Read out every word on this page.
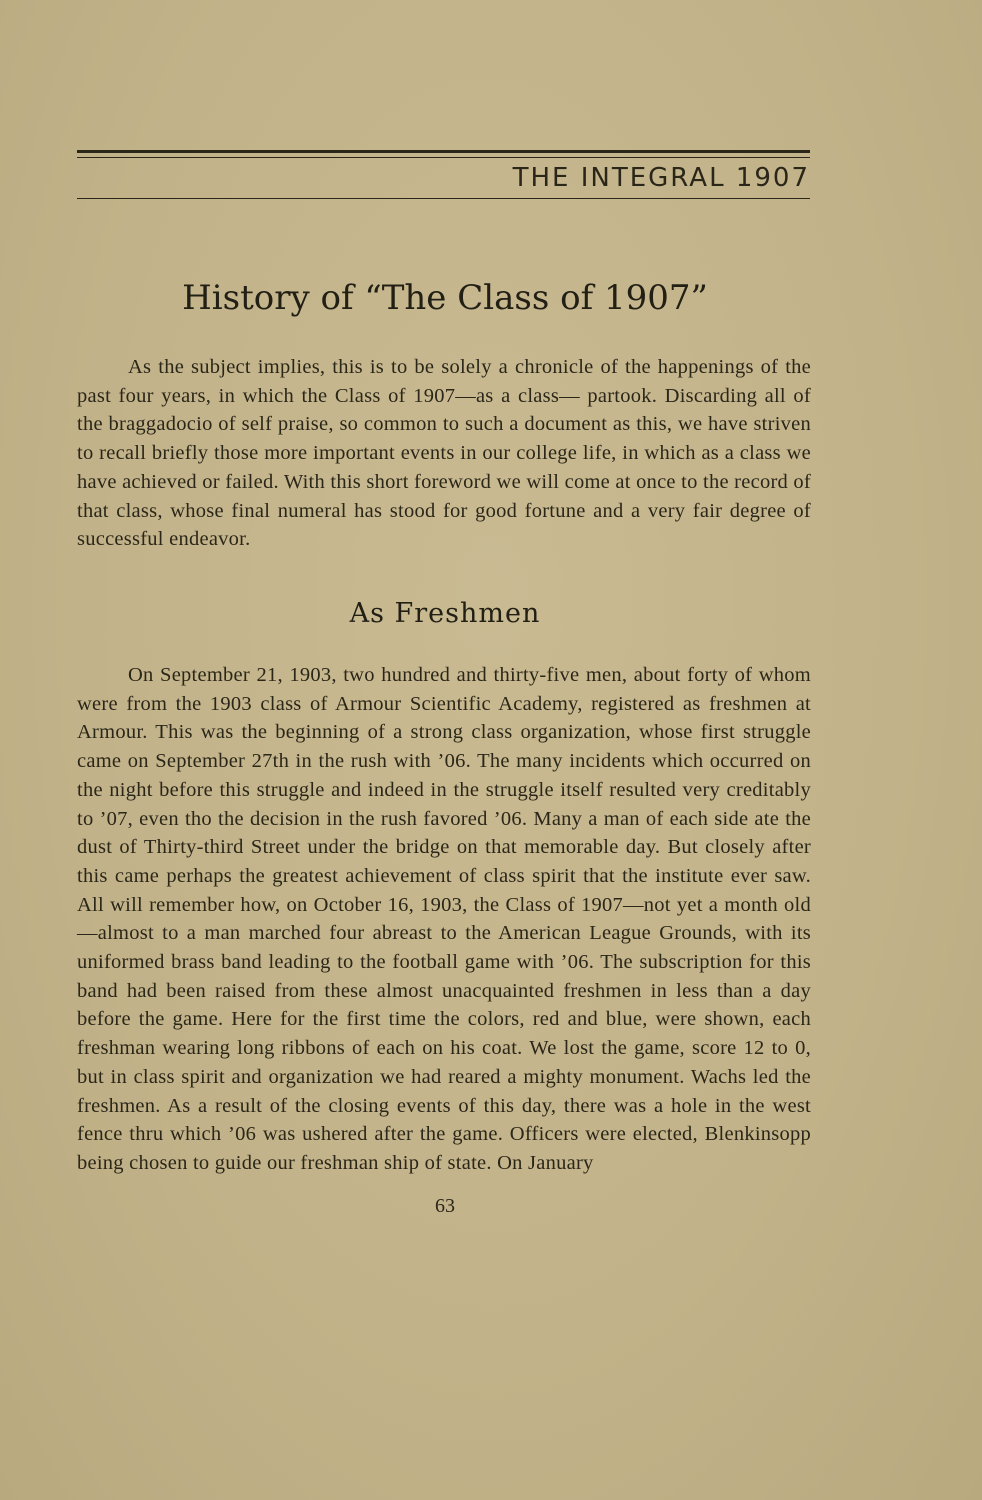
THE INTEGRAL 1907
History of “The Class of 1907”

As the subject implies, this is to be solely a chronicle of the happenings of the past four years, in which the Class of 1907—as a class— partook. Discarding all of the braggadocio of self praise, so common to such a document as this, we have striven to recall briefly those more important events in our college life, in which as a class we have achieved or failed. With this short foreword we will come at once to the record of that class, whose final numeral has stood for good fortune and a very fair degree of successful endeavor.

As Freshmen

On September 21, 1903, two hundred and thirty-five men, about forty of whom were from the 1903 class of Armour Scientific Academy, registered as freshmen at Armour. This was the beginning of a strong class organization, whose first struggle came on September 27th in the rush with ’06. The many incidents which occurred on the night before this struggle and indeed in the struggle itself resulted very creditably to ’07, even tho the decision in the rush favored ’06. Many a man of each side ate the dust of Thirty-third Street under the bridge on that memorable day. But closely after this came perhaps the greatest achievement of class spirit that the institute ever saw. All will remember how, on October 16, 1903, the Class of 1907—not yet a month old —almost to a man marched four abreast to the American League Grounds, with its uniformed brass band leading to the football game with ’06. The subscription for this band had been raised from these almost unacquainted freshmen in less than a day before the game. Here for the first time the colors, red and blue, were shown, each freshman wearing long ribbons of each on his coat. We lost the game, score 12 to 0, but in class spirit and organization we had reared a mighty monument. Wachs led the freshmen. As a result of the closing events of this day, there was a hole in the west fence thru which ’06 was ushered after the game. Officers were elected, Blenkinsopp being chosen to guide our freshman ship of state. On January

63
